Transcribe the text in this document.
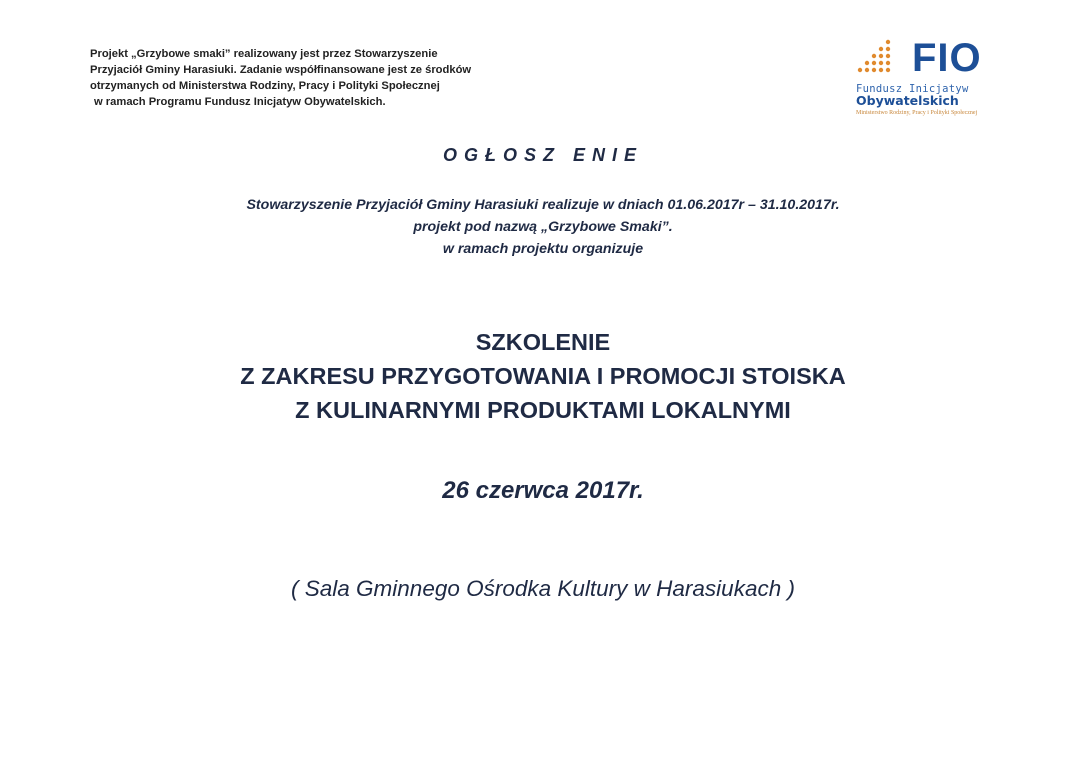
Projekt „Grzybowe smaki” realizowany jest przez Stowarzyszenie
Przyjaciół Gminy Harasiuki. Zadanie współfinansowane jest ze środków
otrzymanych od Ministerstwa Rodziny, Pracy i Polityki Społecznej
w ramach Programu Fundusz Inicjatyw Obywatelskich.
FIO
Fundusz Inicjatyw
Obywatelskich
Ministerstwo Rodziny, Pracy i Polityki Społecznej
OGŁOSZ ENIE
Stowarzyszenie Przyjaciół Gminy Harasiuki realizuje w dniach 01.06.2017r – 31.10.2017r.
projekt pod nazwą „Grzybowe Smaki”.
w ramach projektu organizuje
SZKOLENIE
Z ZAKRESU PRZYGOTOWANIA I PROMOCJI STOISKA
Z KULINARNYMI PRODUKTAMI LOKALNYMI
26 czerwca 2017r.
( Sala Gminnego Ośrodka Kultury w Harasiukach )
